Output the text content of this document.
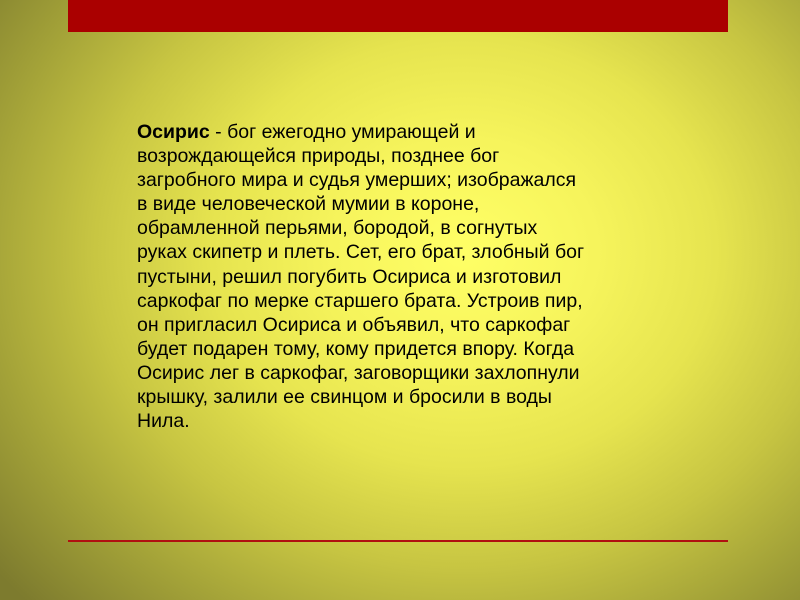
Осирис - бог ежегодно умирающей и
возрождающейся природы, позднее бог
загробного мира и судья умерших; изображался
в виде человеческой мумии в короне,
обрамленной перьями, бородой, в согнутых
руках скипетр и плеть. Сет, его брат, злобный бог
пустыни, решил погубить Осириса и изготовил
саркофаг по мерке старшего брата. Устроив пир,
он пригласил Осириса и объявил, что саркофаг
будет подарен тому, кому придется впору. Когда
Осирис лег в саркофаг, заговорщики захлопнули
крышку, залили ее свинцом и бросили в воды
Нила.
